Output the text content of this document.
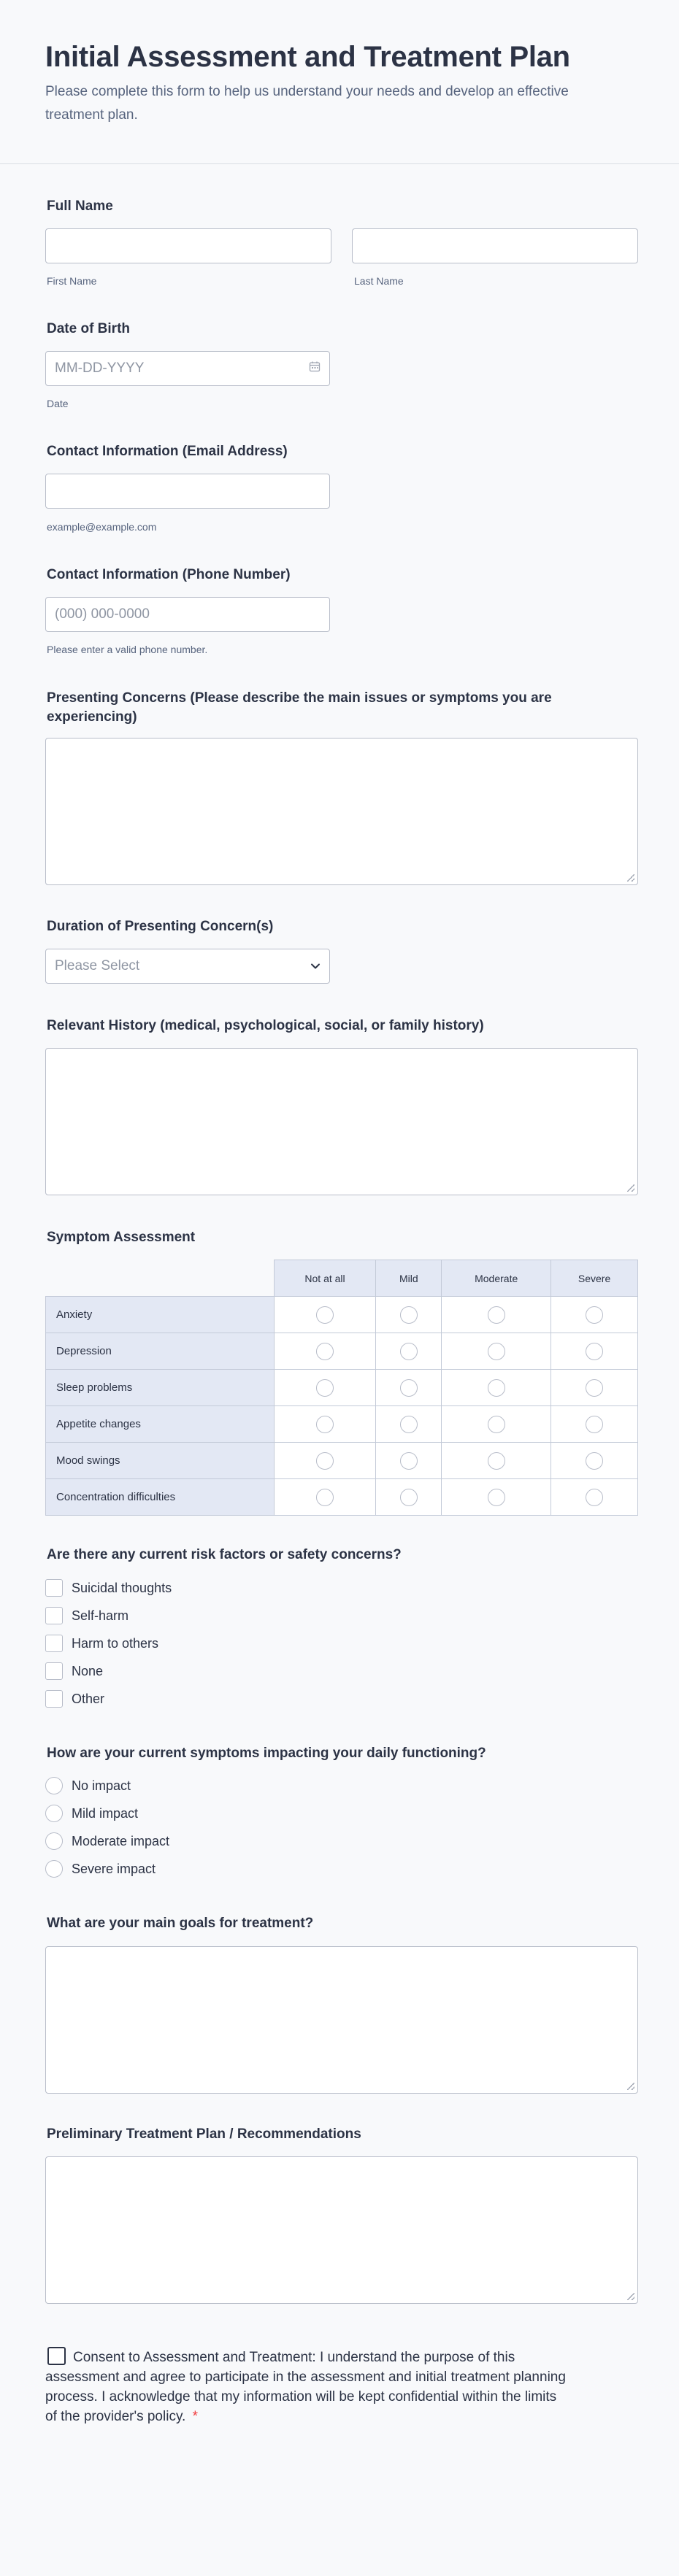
Initial Assessment and Treatment Plan

Please complete this form to help us understand your needs and develop an effective treatment plan.

Full Name
First Name	Last Name
Date of Birth
MM-DD-YYYY
Date
Contact Information (Email Address)
example@example.com
Contact Information (Phone Number)
(000) 000-0000
Please enter a valid phone number.
Presenting Concerns (Please describe the main issues or symptoms you are experiencing)
Duration of Presenting Concern(s)
Please Select
Relevant History (medical, psychological, social, or family history)
Symptom Assessment
	Not at all	Mild	Moderate	Severe
Anxiety				
Depression				
Sleep problems				
Appetite changes				
Mood swings				
Concentration difficulties				
Are there any current risk factors or safety concerns?
Suicidal thoughts
Self-harm
Harm to others
None
Other
How are your current symptoms impacting your daily functioning?
No impact
Mild impact
Moderate impact
Severe impact
What are your main goals for treatment?
Preliminary Treatment Plan / Recommendations
Consent to Assessment and Treatment: I understand the purpose of this assessment and agree to participate in the assessment and initial treatment planning process. I acknowledge that my information will be kept confidential within the limits of the provider's policy. *
